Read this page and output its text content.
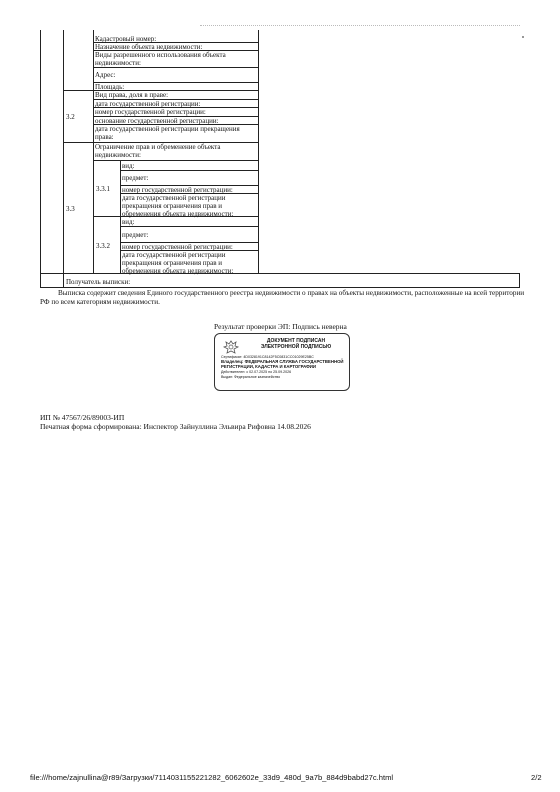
Кадастровый номер:
Назначение объекта недвижимости:
Виды разрешенного использования объекта
недвижимости:
Адрес:
Площадь:
3.2
Вид права, доля в праве:
дата государственной регистрации:
номер государственной регистрации:
основание государственной регистрации:
дата государственной регистрации прекращения
права:
3.3
Ограничение прав и обременение объекта
недвижимости:
3.3.1
вид:
предмет:
номер государственной регистрации:
дата государственной регистрации
прекращения ограничения прав и
обременения объекта недвижимости:
3.3.2
вид:
предмет:
номер государственной регистрации:
дата государственной регистрации
прекращения ограничения прав и
обременения объекта недвижимости:
Получатель выписки:
Выписка содержит сведения Единого государственного реестра недвижимости о правах на объекты недвижимости, расположенные на всей территории РФ по всем категориям недвижимости.
Результат проверки ЭП: Подпись неверна
ДОКУМЕНТ ПОДПИСАН
ЭЛЕКТРОННОЙ ПОДПИСЬЮ
Сертификат: 4D0328191C8142F5C0831CC01029E25BC
Владелец: ФЕДЕРАЛЬНАЯ СЛУЖБА ГОСУДАРСТВЕННОЙ
РЕГИСТРАЦИИ, КАДАСТРА И КАРТОГРАФИИ
Действителен: с 02.07.2025 по 25.09.2026
Выдан: Федеральное казначейство
ИП № 47567/26/89003-ИП
Печатная форма сформирована: Инспектор Зайнуллина Эльвира Рифовна 14.08.2026
file:///home/zajnullina@r89/Загрузки/7114031155221282_6062602e_33d9_480d_9a7b_884d9babd27c.html	2/2
